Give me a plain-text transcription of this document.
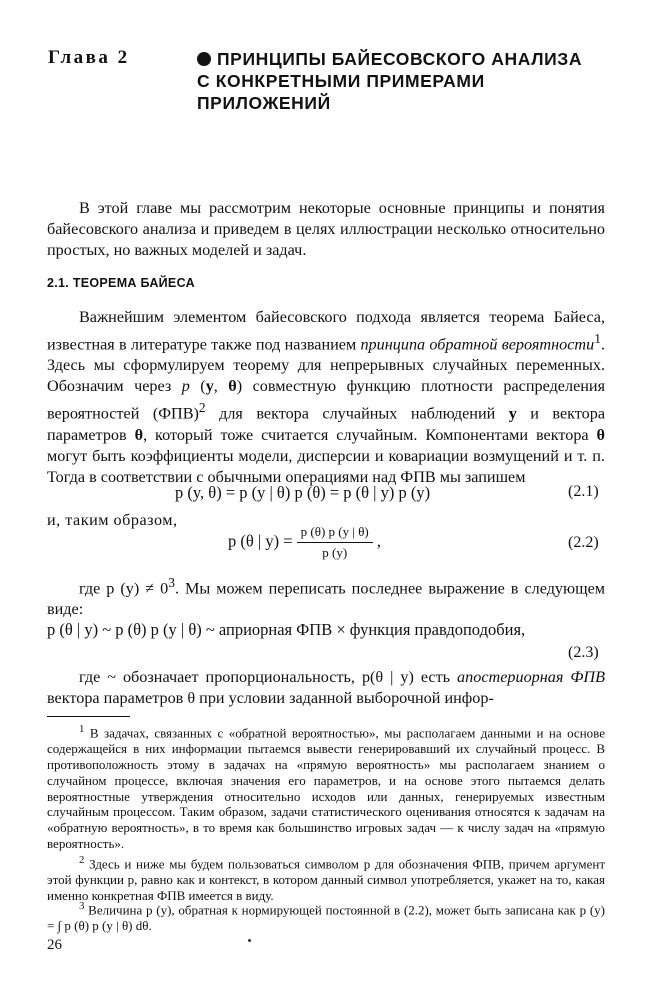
Глава 2	ПРИНЦИПЫ БАЙЕСОВСКОГО АНАЛИЗА
С КОНКРЕТНЫМИ ПРИМЕРАМИ
ПРИЛОЖЕНИЙ
В этой главе мы рассмотрим некоторые основные принципы и понятия байесовского анализа и приведем в целях иллюстрации несколько относительно простых, но важных моделей и задач.
2.1. ТЕОРЕМА БАЙЕСА
Важнейшим элементом байесовского подхода является теорема Байеса, известная в литературе также под названием принципа обратной вероятности$^1$. Здесь мы сформулируем теорему для непрерывных случайных переменных. Обозначим через p (y, θ) совместную функцию плотности распределения вероятностей (ФПВ)$^2$ для вектора случайных наблюдений y и вектора параметров θ, который тоже считается случайным. Компонентами вектора θ могут быть коэффициенты модели, дисперсии и ковариации возмущений и т. п. Тогда в соответствии с обычными операциями над ФПВ мы запишем
p (y, θ) = p (y | θ) p (θ) = p (θ | y) p (y)	(2.1)
и, таким образом,
p (θ | $y) = \frac{p (\theta) p (y | \theta)}{p (y)}$ ,	(2.2)
где p $(y) \ne 0^3$. Мы можем переписать последнее выражение в следующем виде:
p (θ | y) ~ p (θ) p (y | θ) ~ априорная ФПВ × функция правдоподобия,
(2.3)
где ~ обозначает пропорциональность, p(θ | y) есть апостериорная ФПВ вектора параметров θ при условии заданной выборочной инфор-
$^1$ В задачах, связанных с «обратной вероятностью», мы располагаем данными и на основе содержащейся в них информации пытаемся вывести генерировавший их случайный процесс. В противоположность этому в задачах на «прямую вероятность» мы располагаем знанием о случайном процессе, включая значения его параметров, и на основе этого пытаемся делать вероятностные утверждения относительно исходов или данных, генерируемых известным случайным процессом. Таким образом, задачи статистического оценивания относятся к задачам на «обратную вероятность», в то время как большинство игровых задач — к числу задач на «прямую вероятность».
$^2$ Здесь и ниже мы будем пользоваться символом p для обозначения ФПВ, причем аргумент этой функции p, равно как и контекст, в котором данный символ употребляется, укажет на то, какая именно конкретная ФПВ имеется в виду.
$^3$ Величина p (y), обратная к нормирующей постоянной в (2.2), может быть записана как p (y) = ∫ p (θ) p (y | θ) dθ.
26
